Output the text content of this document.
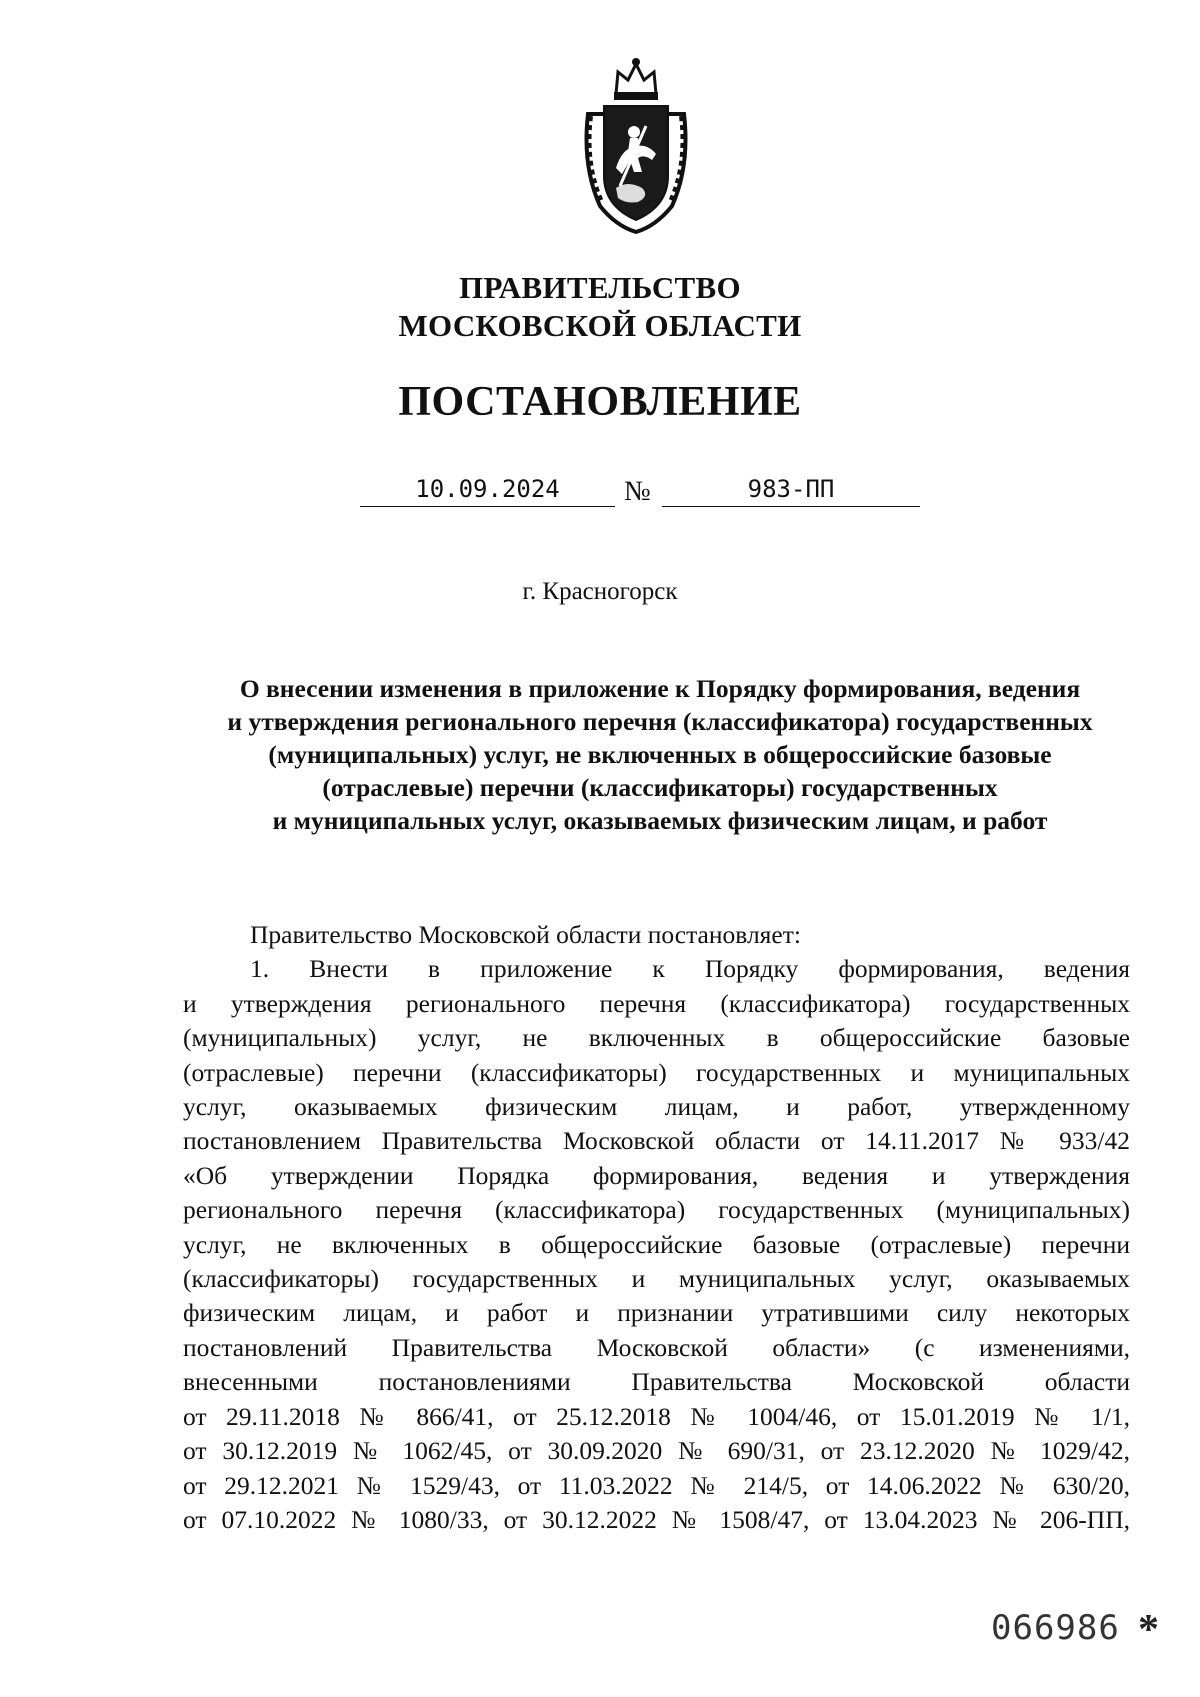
ПРАВИТЕЛЬСТВО
МОСКОВСКОЙ ОБЛАСТИ
ПОСТАНОВЛЕНИЕ
10.09.2024	№	983-ПП
г. Красногорск
О внесении изменения в приложение к Порядку формирования, ведения
и утверждения регионального перечня (классификатора) государственных
(муниципальных) услуг, не включенных в общероссийские базовые
(отраслевые) перечни (классификаторы) государственных
и муниципальных услуг, оказываемых физическим лицам, и работ
Правительство Московской области постановляет:
1. Внести в приложение к Порядку формирования, ведения
и утверждения регионального перечня (классификатора) государственных
(муниципальных) услуг, не включенных в общероссийские базовые
(отраслевые) перечни (классификаторы) государственных и муниципальных
услуг, оказываемых физическим лицам, и работ, утвержденному
постановлением Правительства Московской области от 14.11.2017 № 933/42
«Об утверждении Порядка формирования, ведения и утверждения
регионального перечня (классификатора) государственных (муниципальных)
услуг, не включенных в общероссийские базовые (отраслевые) перечни
(классификаторы) государственных и муниципальных услуг, оказываемых
физическим лицам, и работ и признании утратившими силу некоторых
постановлений Правительства Московской области» (с изменениями,
внесенными постановлениями Правительства Московской области
от 29.11.2018 № 866/41, от 25.12.2018 № 1004/46, от 15.01.2019 № 1/1,
от 30.12.2019 № 1062/45, от 30.09.2020 № 690/31, от 23.12.2020 № 1029/42,
от 29.12.2021 № 1529/43, от 11.03.2022 № 214/5, от 14.06.2022 № 630/20,
от 07.10.2022 № 1080/33, от 30.12.2022 № 1508/47, от 13.04.2023 № 206-ПП,
066986 *
